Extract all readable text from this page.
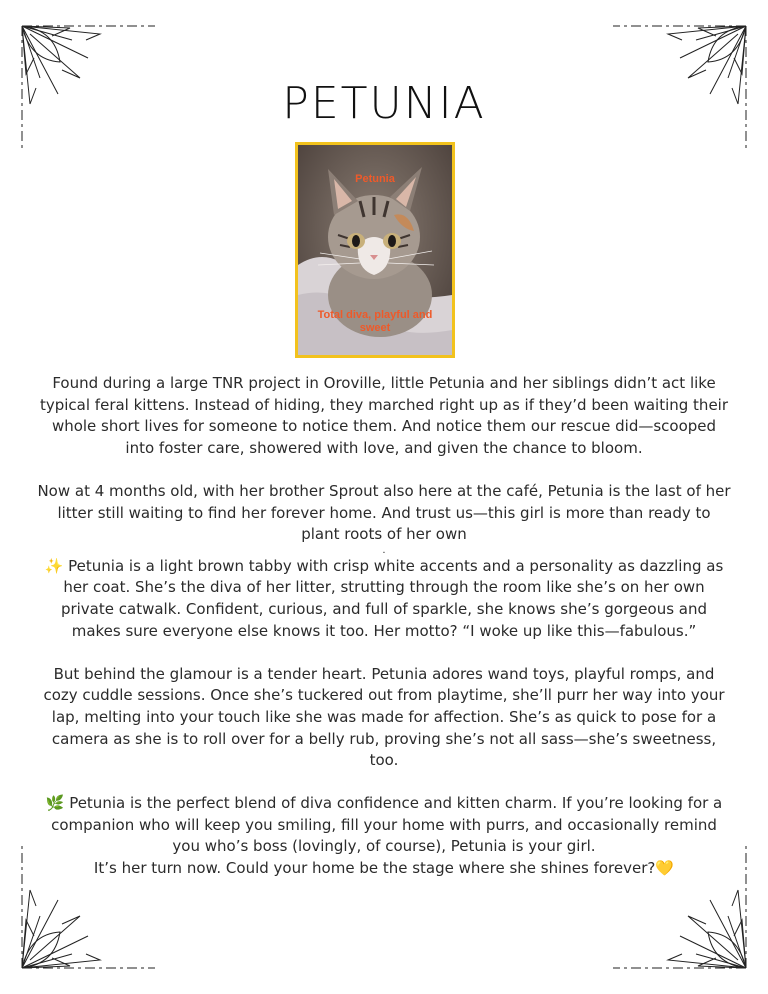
PETUNIA
Petunia
Total diva, playful and sweet

Found during a large TNR project in Oroville, little Petunia and her siblings didn’t act like typical feral kittens. Instead of hiding, they marched right up as if they’d been waiting their whole short lives for someone to notice them. And notice them our rescue did—scooped into foster care, showered with love, and given the chance to bloom.

Now at 4 months old, with her brother Sprout also here at the café, Petunia is the last of her litter still waiting to find her forever home. And trust us—this girl is more than ready to plant roots of her own

.

✨ Petunia is a light brown tabby with crisp white accents and a personality as dazzling as her coat. She’s the diva of her litter, strutting through the room like she’s on her own private catwalk. Confident, curious, and full of sparkle, she knows she’s gorgeous and makes sure everyone else knows it too. Her motto? “I woke up like this—fabulous.”

But behind the glamour is a tender heart. Petunia adores wand toys, playful romps, and cozy cuddle sessions. Once she’s tuckered out from playtime, she’ll purr her way into your lap, melting into your touch like she was made for affection. She’s as quick to pose for a camera as she is to roll over for a belly rub, proving she’s not all sass—she’s sweetness, too.

🌿 Petunia is the perfect blend of diva confidence and kitten charm. If you’re looking for a companion who will keep you smiling, fill your home with purrs, and occasionally remind you who’s boss (lovingly, of course), Petunia is your girl.

It’s her turn now. Could your home be the stage where she shines forever?💛
